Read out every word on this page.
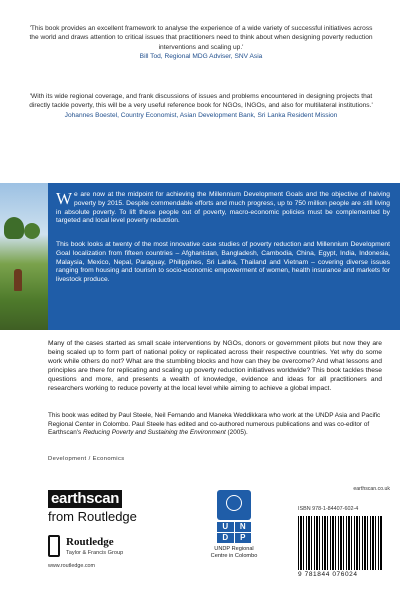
'This book provides an excellent framework to analyse the experience of a wide variety of successful initiatives across the world and draws attention to critical issues that practitioners need to think about when designing poverty reduction interventions and scaling up.'
Bill Tod, Regional MDG Adviser, SNV Asia
'With its wide regional coverage, and frank discussions of issues and problems encountered in designing projects that directly tackle poverty, this will be a very useful reference book for NGOs, INGOs, and also for multilateral institutions.'
Johannes Boestel, Country Economist, Asian Development Bank, Sri Lanka Resident Mission
We are now at the midpoint for achieving the Millennium Development Goals and the objective of halving poverty by 2015. Despite commendable efforts and much progress, up to 750 million people are still living in absolute poverty. To lift these people out of poverty, macro-economic policies must be complemented by targeted and local level poverty reduction.
This book looks at twenty of the most innovative case studies of poverty reduction and Millennium Development Goal localization from fifteen countries – Afghanistan, Bangladesh, Cambodia, China, Egypt, India, Indonesia, Malaysia, Mexico, Nepal, Paraguay, Philippines, Sri Lanka, Thailand and Vietnam – covering diverse issues ranging from housing and tourism to socio-economic empowerment of women, health insurance and markets for livestock produce.
Many of the cases started as small scale interventions by NGOs, donors or government pilots but now they are being scaled up to form part of national policy or replicated across their respective countries. Yet why do some work while others do not? What are the stumbling blocks and how can they be overcome? And what lessons and principles are there for replicating and scaling up poverty reduction initiatives worldwide? This book tackles these questions and more, and presents a wealth of knowledge, evidence and ideas for all practitioners and researchers working to reduce poverty at the local level while aiming to achieve a global impact.
This book was edited by Paul Steele, Neil Fernando and Maneka Weddikkara who work at the UNDP Asia and Pacific Regional Center in Colombo. Paul Steele has edited and co-authored numerous publications and was co-editor of Earthscan's Reducing Poverty and Sustaining the Environment (2005).
Development / Economics
earthscan
from Routledge
Routledge
Taylor & Francis Group
www.routledge.com
U	N
D	P
UNDP Regional
Centre in Colombo
earthscan.co.uk
ISBN 978-1-84407-602-4
9 781844 076024
